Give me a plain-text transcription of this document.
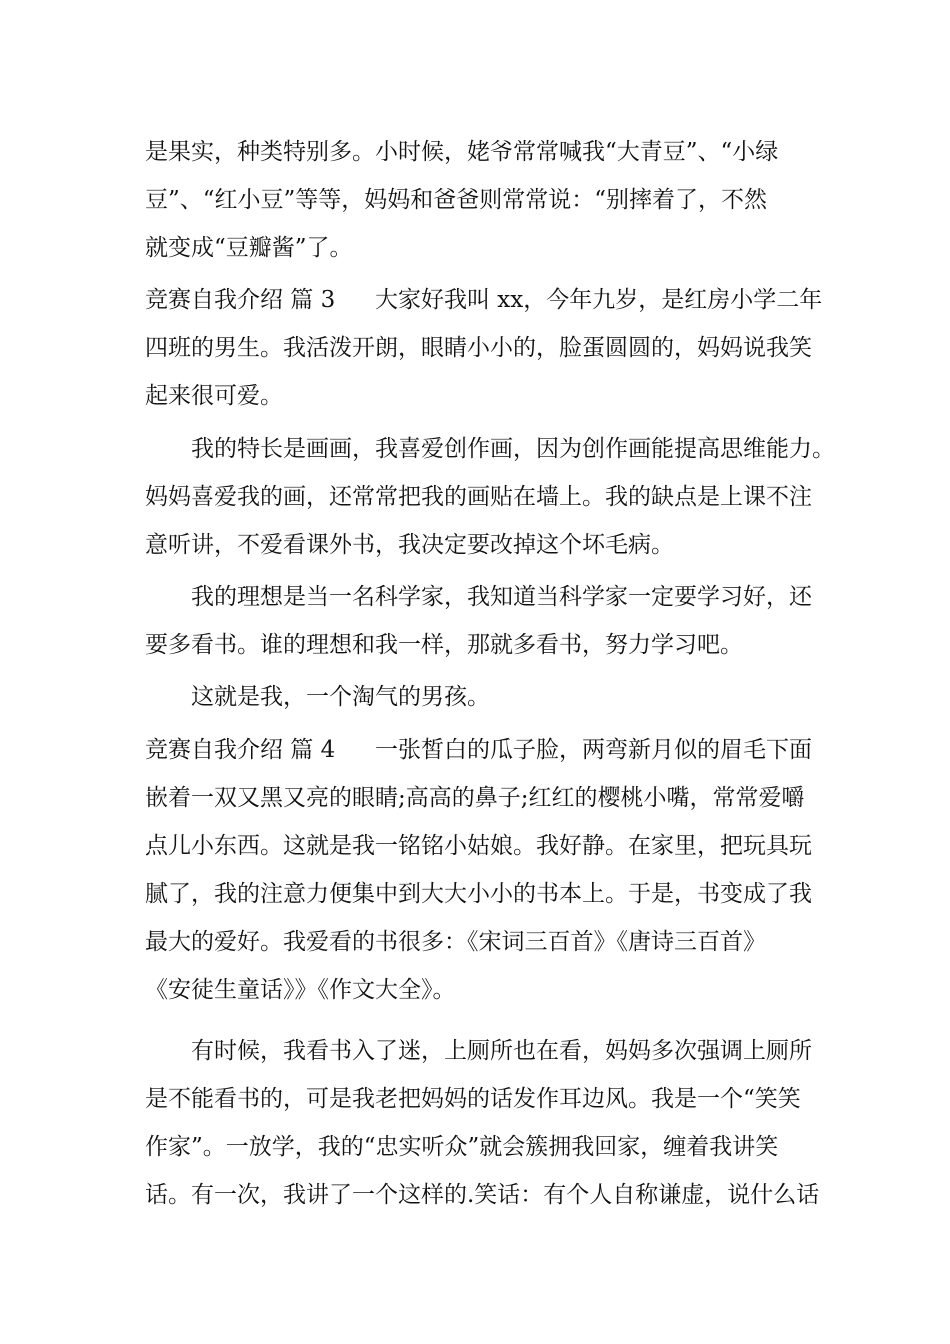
是果实，种类特别多。小时候，姥爷常常喊我“大青豆”、“小绿
豆”、“红小豆”等等，妈妈和爸爸则常常说：“别摔着了，不然
就变成“豆瓣酱”了。
竞赛自我介绍 篇 3 大家好我叫 xx，今年九岁，是红房小学二年
四班的男生。我活泼开朗，眼睛小小的，脸蛋圆圆的，妈妈说我笑
起来很可爱。
我的特长是画画，我喜爱创作画，因为创作画能提高思维能力。
妈妈喜爱我的画，还常常把我的画贴在墙上。我的缺点是上课不注
意听讲，不爱看课外书，我决定要改掉这个坏毛病。
我的理想是当一名科学家，我知道当科学家一定要学习好，还
要多看书。谁的理想和我一样，那就多看书，努力学习吧。
这就是我，一个淘气的男孩。
竞赛自我介绍 篇 4 一张皙白的瓜子脸，两弯新月似的眉毛下面
嵌着一双又黑又亮的眼睛;高高的鼻子;红红的樱桃小嘴，常常爱嚼
点儿小东西。这就是我一铭铭小姑娘。我好静。在家里，把玩具玩
腻了，我的注意力便集中到大大小小的书本上。于是，书变成了我
最大的爱好。我爱看的书很多：《宋词三百首》《唐诗三百首》
《安徒生童话》》《作文大全》。
有时候，我看书入了迷，上厕所也在看，妈妈多次强调上厕所
是不能看书的，可是我老把妈妈的话发作耳边风。我是一个“笑笑
作家”。一放学，我的“忠实听众”就会簇拥我回家，缠着我讲笑
话。有一次，我讲了一个这样的.笑话：有个人自称谦虚，说什么话
